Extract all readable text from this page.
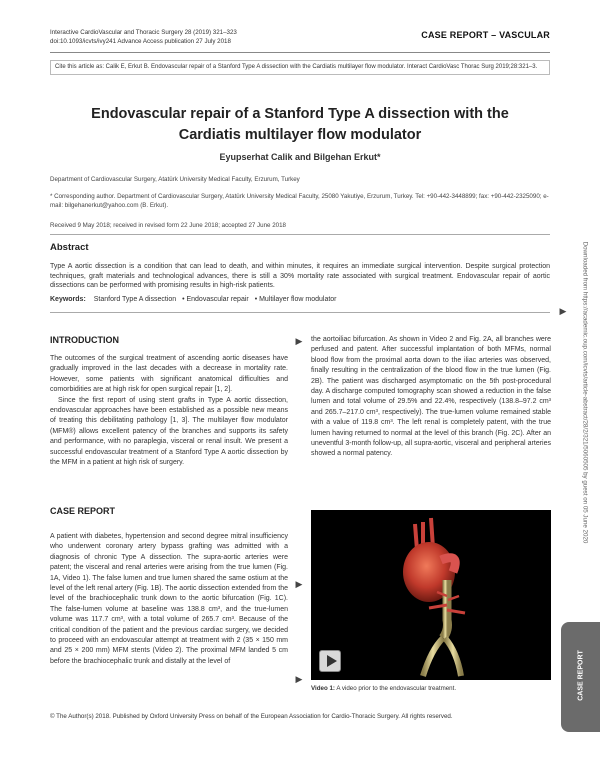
Interactive CardioVascular and Thoracic Surgery 28 (2019) 321–323
doi:10.1093/icvts/ivy241 Advance Access publication 27 July 2018
CASE REPORT – VASCULAR
Cite this article as: Calik E, Erkut B. Endovascular repair of a Stanford Type A dissection with the Cardiatis multilayer flow modulator. Interact CardioVasc Thorac Surg 2019;28:321–3.
Endovascular repair of a Stanford Type A dissection with the Cardiatis multilayer flow modulator
Eyupserhat Calik and Bilgehan Erkut*
Department of Cardiovascular Surgery, Atatürk University Medical Faculty, Erzurum, Turkey
* Corresponding author. Department of Cardiovascular Surgery, Atatürk University Medical Faculty, 25080 Yakutiye, Erzurum, Turkey. Tel: +90-442-3448899; fax: +90-442-2325090; e-mail: bilgehanerkut@yahoo.com (B. Erkut).
Received 9 May 2018; received in revised form 22 June 2018; accepted 27 June 2018
Abstract
Type A aortic dissection is a condition that can lead to death, and within minutes, it requires an immediate surgical intervention. Despite surgical protection techniques, graft materials and technological advances, there is still a 30% mortality rate associated with surgical treatment. Endovascular repair of aortic dissections can be performed with promising results in high-risk patients.
Keywords: Stanford Type A dissection • Endovascular repair • Multilayer flow modulator
INTRODUCTION

The outcomes of the surgical treatment of ascending aortic diseases have gradually improved in the last decades with a decrease in mortality rate. However, some patients with significant anatomical difficulties and comorbidities are at high risk for open surgical repair [1, 2].

Since the first report of using stent grafts in Type A aortic dissection, endovascular approaches have been established as a possible new means of treating this debilitating pathology [1, 3]. The multilayer flow modulator (MFM®) allows excellent patency of the branches and supports its safety and performance, with no paraplegia, visceral or renal insult. We present a successful endovascular treatment of a Stanford Type A aortic dissection by the MFM in a patient at high risk of surgery.

CASE REPORT

A patient with diabetes, hypertension and second degree mitral insufficiency who underwent coronary artery bypass grafting was admitted with a diagnosis of chronic Type A dissection. The supra-aortic arteries were patent; the visceral and renal arteries were arising from the true lumen (Fig. 1A, Video 1). The false lumen and true lumen shared the same ostium at the level of the left renal artery (Fig. 1B). The aortic dissection extended from the level of the brachiocephalic trunk down to the aortic bifurcation (Fig. 1C). The false-lumen volume at baseline was 138.8 cm³, and the true-lumen volume was 117.7 cm³, with a total volume of 265.7 cm³. Because of the critical condition of the patient and the previous cardiac surgery, we decided to proceed with an endovascular attempt at treatment with 2 (35 × 150 mm and 25 × 200 mm) MFM stents (Video 2). The proximal MFM landed 5 cm before the brachiocephalic trunk and distally at the level of

the aortoiliac bifurcation. As shown in Video 2 and Fig. 2A, all branches were perfused and patent. After successful implantation of both MFMs, normal blood flow from the proximal aorta down to the iliac arteries was observed, finally resulting in the centralization of the blood flow in the true lumen (Fig. 2B). The patient was discharged asymptomatic on the 5th post-procedural day. A discharge computed tomography scan showed a reduction in the false lumen and total volume of 29.5% and 22.4%, respectively (138.8–97.2 cm³ and 265.7–217.0 cm³, respectively). The true-lumen volume remained stable with a value of 119.8 cm³. The left renal is completely patent, with the true lumen having returned to normal at the level of this branch (Fig. 2C). After an uneventful 3-month follow-up, all supra-aortic, visceral and peripheral arteries showed a normal patency.

▶
▶
▶
▶
Video 1: A video prior to the endovascular treatment.
Downloaded from https://academic.oup.com/icvts/article-abstract/28/2/321/5060505 by guest on 05 June 2020
CASE REPORT
© The Author(s) 2018. Published by Oxford University Press on behalf of the European Association for Cardio-Thoracic Surgery. All rights reserved.
